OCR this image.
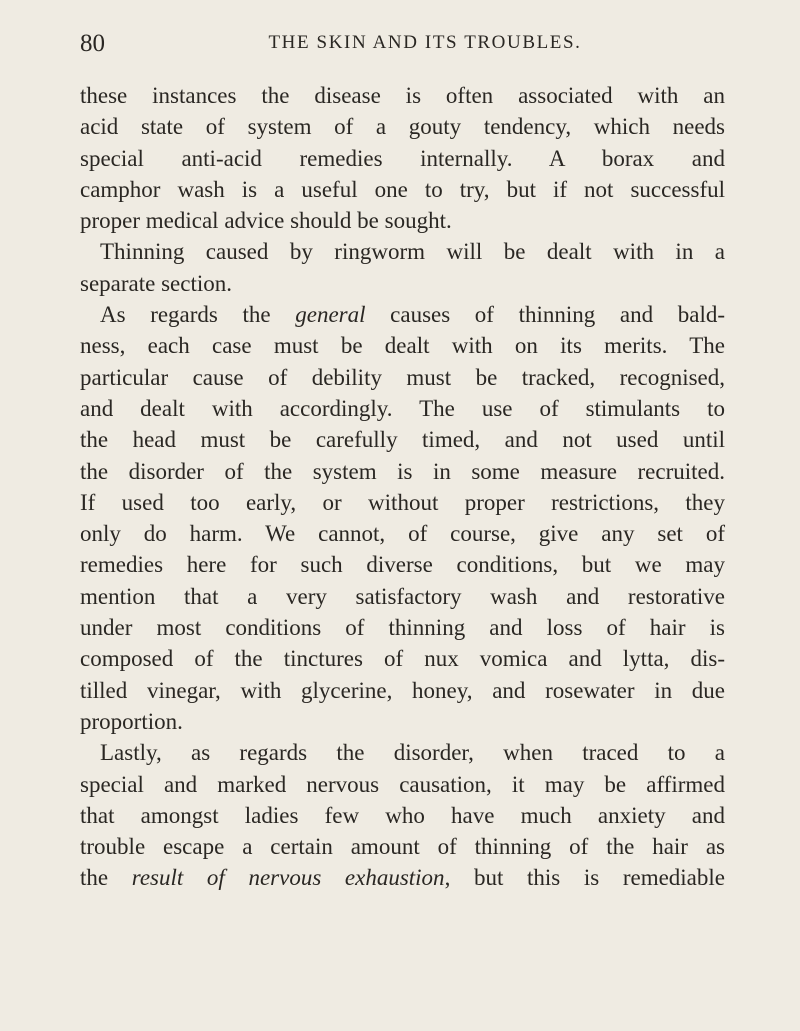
80	THE SKIN AND ITS TROUBLES.
these instances the disease is often associated with an
acid state of system of a gouty tendency, which needs
special anti-acid remedies internally. A borax and
camphor wash is a useful one to try, but if not successful
proper medical advice should be sought.
Thinning caused by ringworm will be dealt with in a
separate section.
As regards the general causes of thinning and bald-
ness, each case must be dealt with on its merits. The
particular cause of debility must be tracked, recognised,
and dealt with accordingly. The use of stimulants to
the head must be carefully timed, and not used until
the disorder of the system is in some measure recruited.
If used too early, or without proper restrictions, they
only do harm. We cannot, of course, give any set of
remedies here for such diverse conditions, but we may
mention that a very satisfactory wash and restorative
under most conditions of thinning and loss of hair is
composed of the tinctures of nux vomica and lytta, dis-
tilled vinegar, with glycerine, honey, and rosewater in due
proportion.
Lastly, as regards the disorder, when traced to a
special and marked nervous causation, it may be affirmed
that amongst ladies few who have much anxiety and
trouble escape a certain amount of thinning of the hair as
the result of nervous exhaustion, but this is remediable
